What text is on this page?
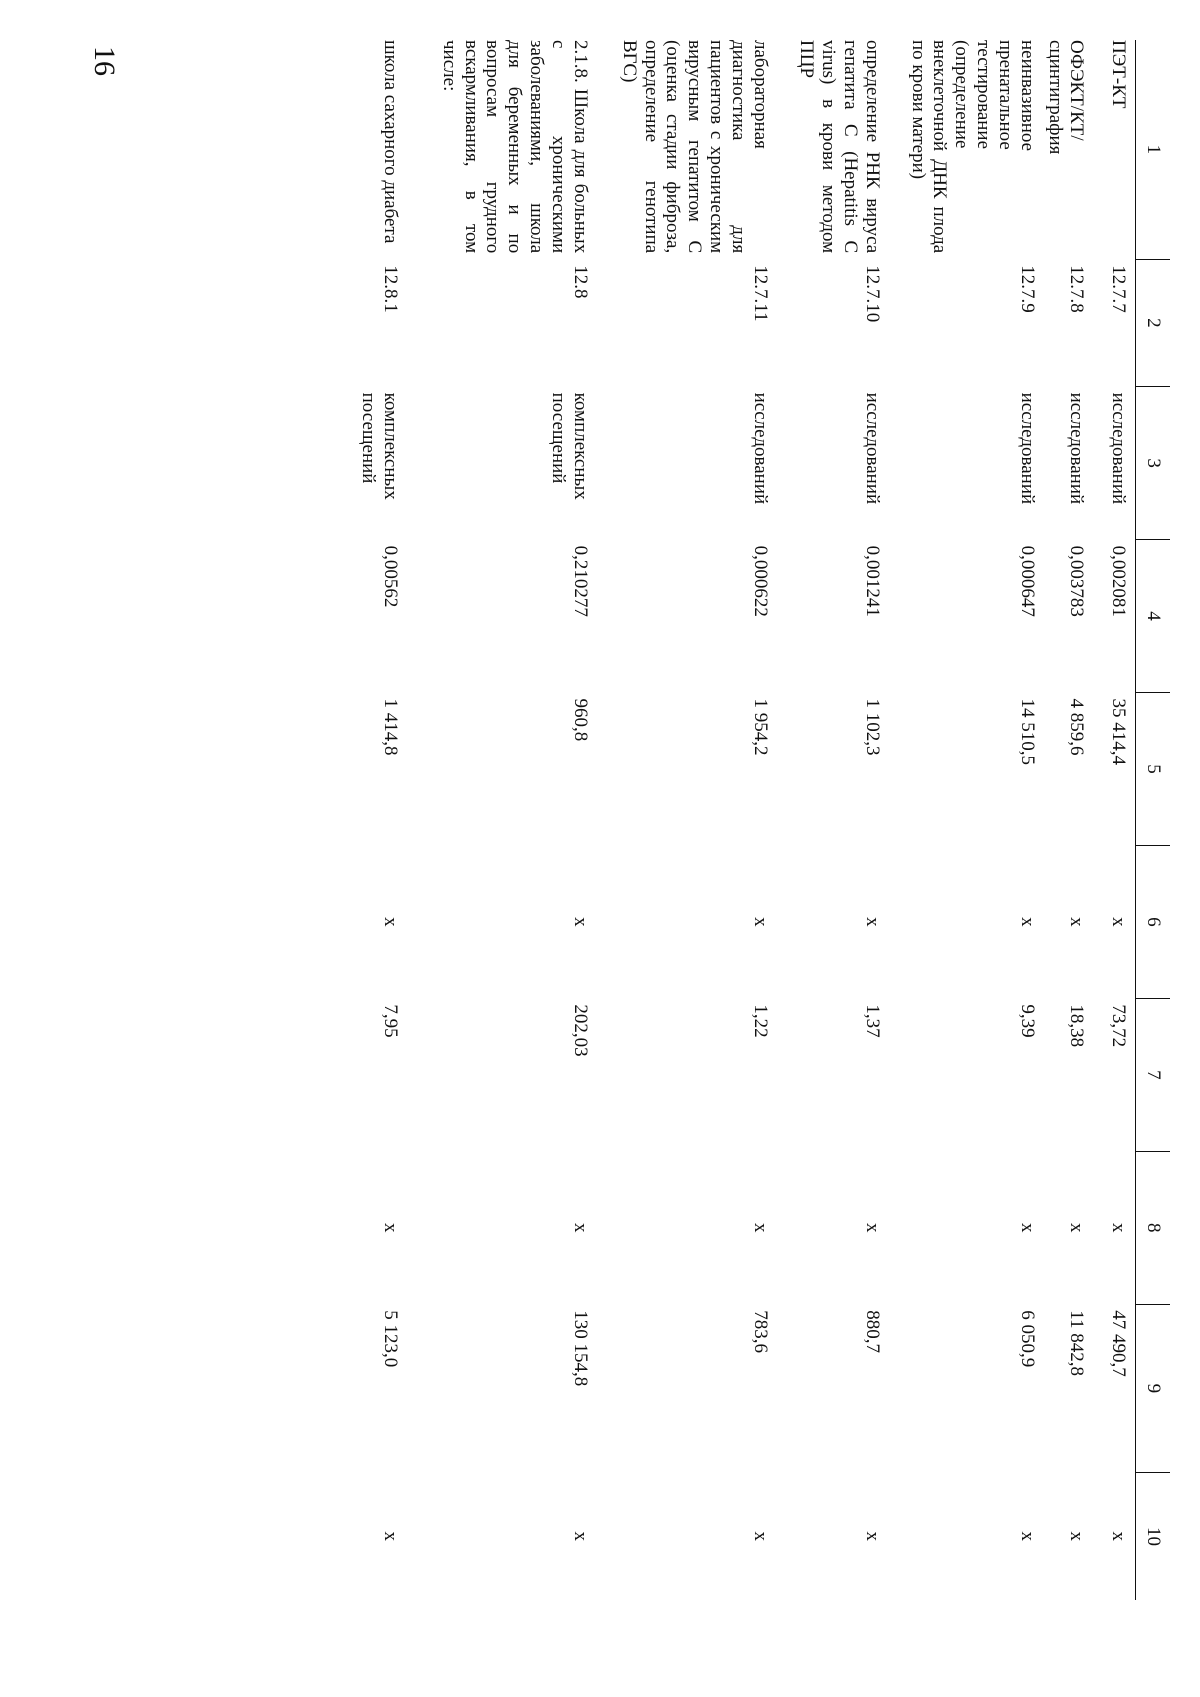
16
1	2	3	4	5	6	7	8	9	10
ПЭТ-КТ	12.7.7	исследований	0,002081	35 414,4	х	73,72	х	47 490,7	х
ОФЭКТ/КТ/сцинтиграфия	12.7.8	исследований	0,003783	4 859,6	х	18,38	х	11 842,8	х
неинвазивное пренатальное тестирование (определение внеклеточной ДНК плода по крови матери)	12.7.9	исследований	0,000647	14 510,5	х	9,39	х	6 050,9	х
определение РНК вируса гепатита С (Hepatitis C virus) в крови методом ПЦР	12.7.10	исследований	0,001241	1 102,3	х	1,37	х	880,7	х
лабораторная диагностика для пациентов с хроническим вирусным гепатитом С (оценка стадии фиброза, определение генотипа ВГС)	12.7.11	исследований	0,000622	1 954,2	х	1,22	х	783,6	х
2.1.8. Школа для больных с хроническими заболеваниями, школа для беременных и по вопросам грудного вскармливания, в том числе:	12.8	комплексных посещений	0,210277	960,8	х	202,03	х	130 154,8	х
школа сахарного диабета	12.8.1	комплексных посещений	0,00562	1 414,8	х	7,95	х	5 123,0	х
